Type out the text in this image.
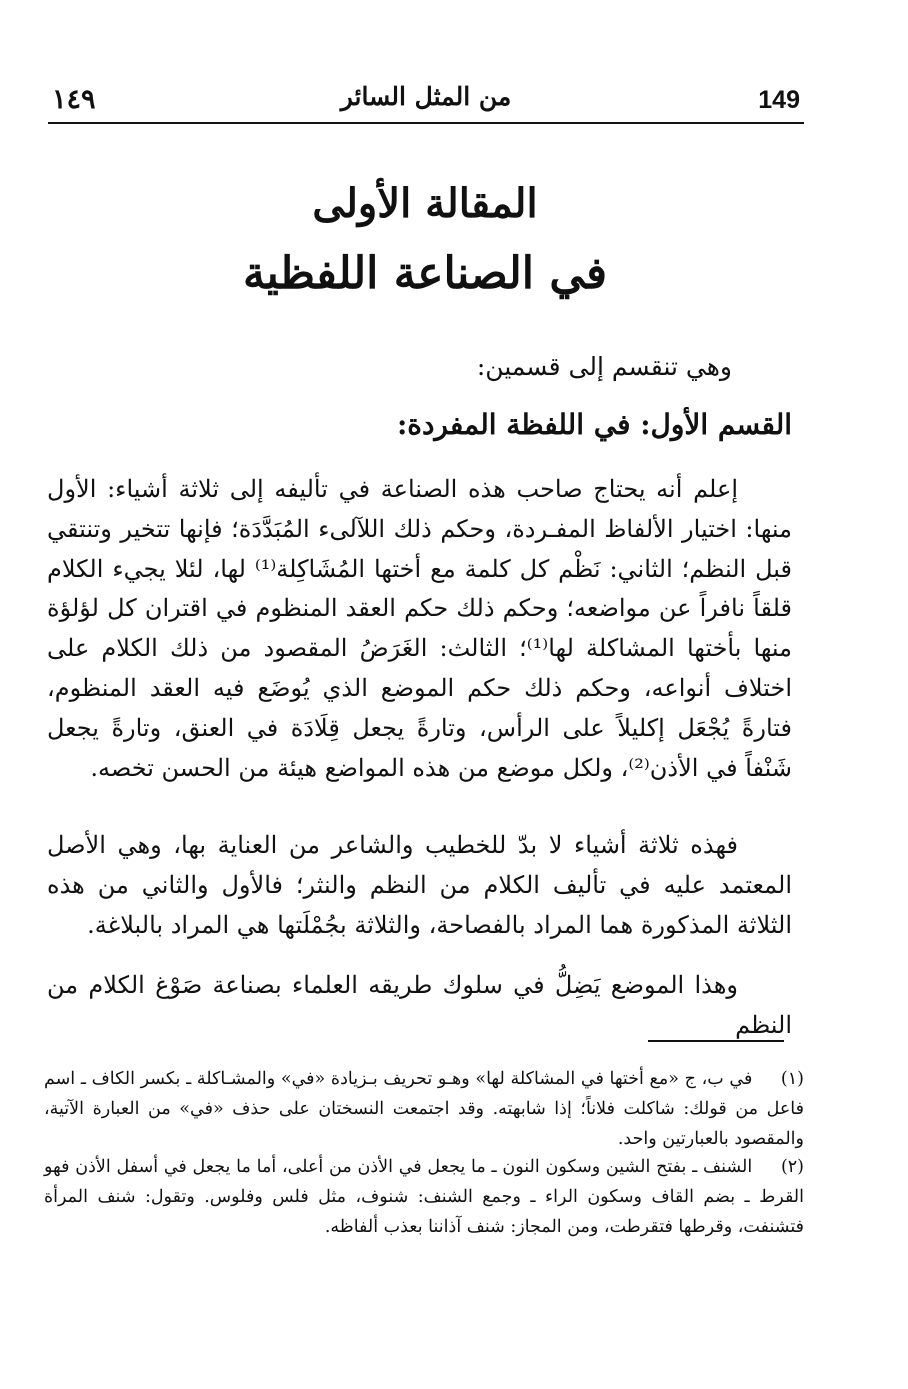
١٤٩	من المثل السائر	149
المقالة الأولى
في الصناعة اللفظية
وهي تنقسم إلى قسمين:
القسم الأول: في اللفظة المفردة:
إعلم أنه يحتاج صاحب هذه الصناعة في تأليفه إلى ثلاثة أشياء: الأول منها: اختيار الألفاظ المفـردة، وحكم ذلك اللآلىء المُبَدَّدَة؛ فإنها تتخير وتنتقي قبل النظم؛ الثاني: نَظْم كل كلمة مع أختها المُشَاكِلة⁽¹⁾ لها، لئلا يجيء الكلام قلقاً نافراً عن مواضعه؛ وحكم ذلك حكم العقد المنظوم في اقتران كل لؤلؤة منها بأختها المشاكلة لها⁽¹⁾؛ الثالث: الغَرَضُ المقصود من ذلك الكلام على اختلاف أنواعه، وحكم ذلك حكم الموضع الذي يُوضَع فيه العقد المنظوم، فتارةً يُجْعَل إكليلاً على الرأس، وتارةً يجعل قِلَادَة في العنق، وتارةً يجعل شَنْفاً في الأذن⁽²⁾، ولكل موضع من هذه المواضع هيئة من الحسن تخصه.
فهذه ثلاثة أشياء لا بدّ للخطيب والشاعر من العناية بها، وهي الأصل المعتمد عليه في تأليف الكلام من النظم والنثر؛ فالأول والثاني من هذه الثلاثة المذكورة هما المراد بالفصاحة، والثلاثة بجُمْلَتها هي المراد بالبلاغة.
وهذا الموضع يَضِلُّ في سلوك طريقه العلماء بصناعة صَوْغ الكلام من النظم
(١) في ب، ج «مع أختها في المشاكلة لها» وهـو تحريف بـزيادة «في» والمشـاكلة ـ بكسر الكاف ـ اسم فاعل من قولك: شاكلت فلاناً؛ إذا شابهته. وقد اجتمعت النسختان على حذف «في» من العبارة الآتية، والمقصود بالعبارتين واحد.
(٢) الشنف ـ بفتح الشين وسكون النون ـ ما يجعل في الأذن من أعلى، أما ما يجعل في أسفل الأذن فهو القرط ـ بضم القاف وسكون الراء ـ وجمع الشنف: شنوف، مثل فلس وفلوس. وتقول: شنف المرأة فتشنفت، وقرطها فتقرطت، ومن المجاز: شنف آذاننا بعذب ألفاظه.
